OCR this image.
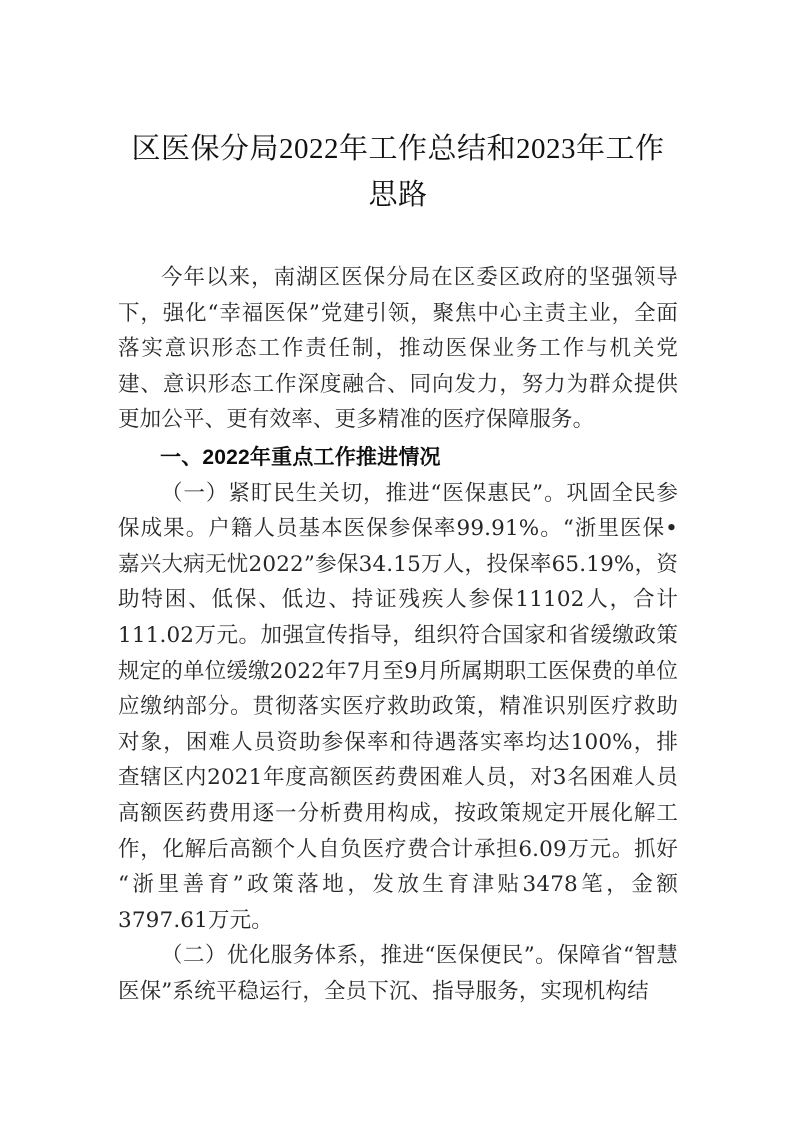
区医保分局2022年工作总结和2023年工作思路

今年以来，南湖区医保分局在区委区政府的坚强领导下，强化“幸福医保”党建引领，聚焦中心主责主业，全面落实意识形态工作责任制，推动医保业务工作与机关党建、意识形态工作深度融合、同向发力，努力为群众提供更加公平、更有效率、更多精准的医疗保障服务。

一、2022年重点工作推进情况

（一）紧盯民生关切，推进“医保惠民”。巩固全民参保成果。户籍人员基本医保参保率99.91%。“浙里医保•嘉兴大病无忧2022”参保34.15万人，投保率65.19%，资助特困、低保、低边、持证残疾人参保11102人，合计111.02万元。加强宣传指导，组织符合国家和省缓缴政策规定的单位缓缴2022年7月至9月所属期职工医保费的单位应缴纳部分。贯彻落实医疗救助政策，精准识别医疗救助对象，困难人员资助参保率和待遇落实率均达100%，排查辖区内2021年度高额医药费困难人员，对3名困难人员高额医药费用逐一分析费用构成，按政策规定开展化解工作，化解后高额个人自负医疗费合计承担6.09万元。抓好“浙里善育”政策落地，发放生育津贴3478笔，金额3797.61万元。

（二）优化服务体系，推进“医保便民”。保障省“智慧医保”系统平稳运行，全员下沉、指导服务，实现机构结
